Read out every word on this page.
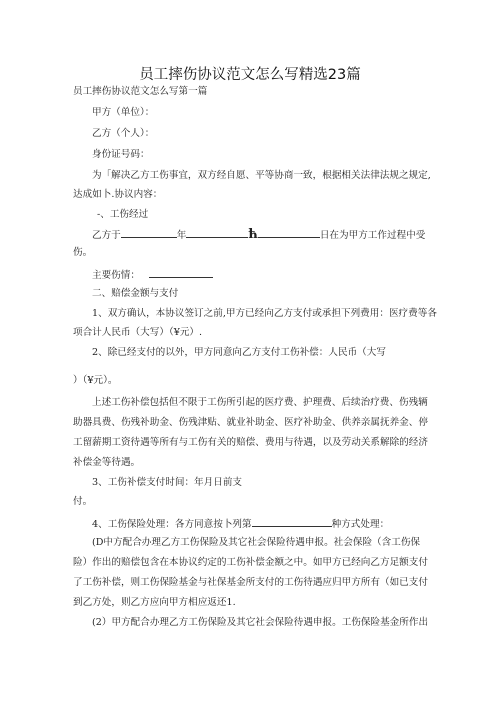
员工摔伤协议范文怎么写精选23篇
员工摔伤协议范文怎么写第一篇
甲方（单位）：
乙方（个人）：
身份证号码：
为「解决乙方工伤事宜，双方经自愿、平等协商一致，根据相关法律法规之规定,
达成如卜.协议内容：
-、工伤经过
乙方于	年	ћ	日在为甲方工作过程中受
伤。
主要伤情：
二、赔偿金额与支付
1、双方确认，本协议签订之前,甲方已经向乙方支付或承担下列费用：医疗费等各
项合计人民币（大写）（¥元）.
2、除已经支付的以外，甲方同意向乙方支付工伤补偿：人民币（大写
）（¥元）。
上述工伤补偿包括但不限于工伤所引起的医疗费、护理费、后续治疗费、伤残辆
助器具费、伤残补助金、伤残津贴、就业补助金、医疗补助金、供养亲属抚养金、停
工留薪期工资待遇等所有与工伤有关的赔偿、费用与待遇，以及劳动关系解除的经济
补偿金等待遇。
3、工伤补偿支付时间：年月日前支
付。
4、工伤保险处理：各方同意按卜列第	种方式处理：
(D中方配合办理乙方工伤保险及其它社会保险待遇申报。社会保险（含工伤保
险）作出的赔偿包含在本协议约定的工伤补偿金额之中。如甲方已经向乙方足额支付
了工伤补偿，则工伤保险基金与社保基金所支付的工伤待遇应归甲方所有（如已支付
到乙方处，则乙方应向甲方相应返还1.
(2）甲方配合办理乙方工伤保险及其它社会保险待遇申报。工伤保险基金所作出
